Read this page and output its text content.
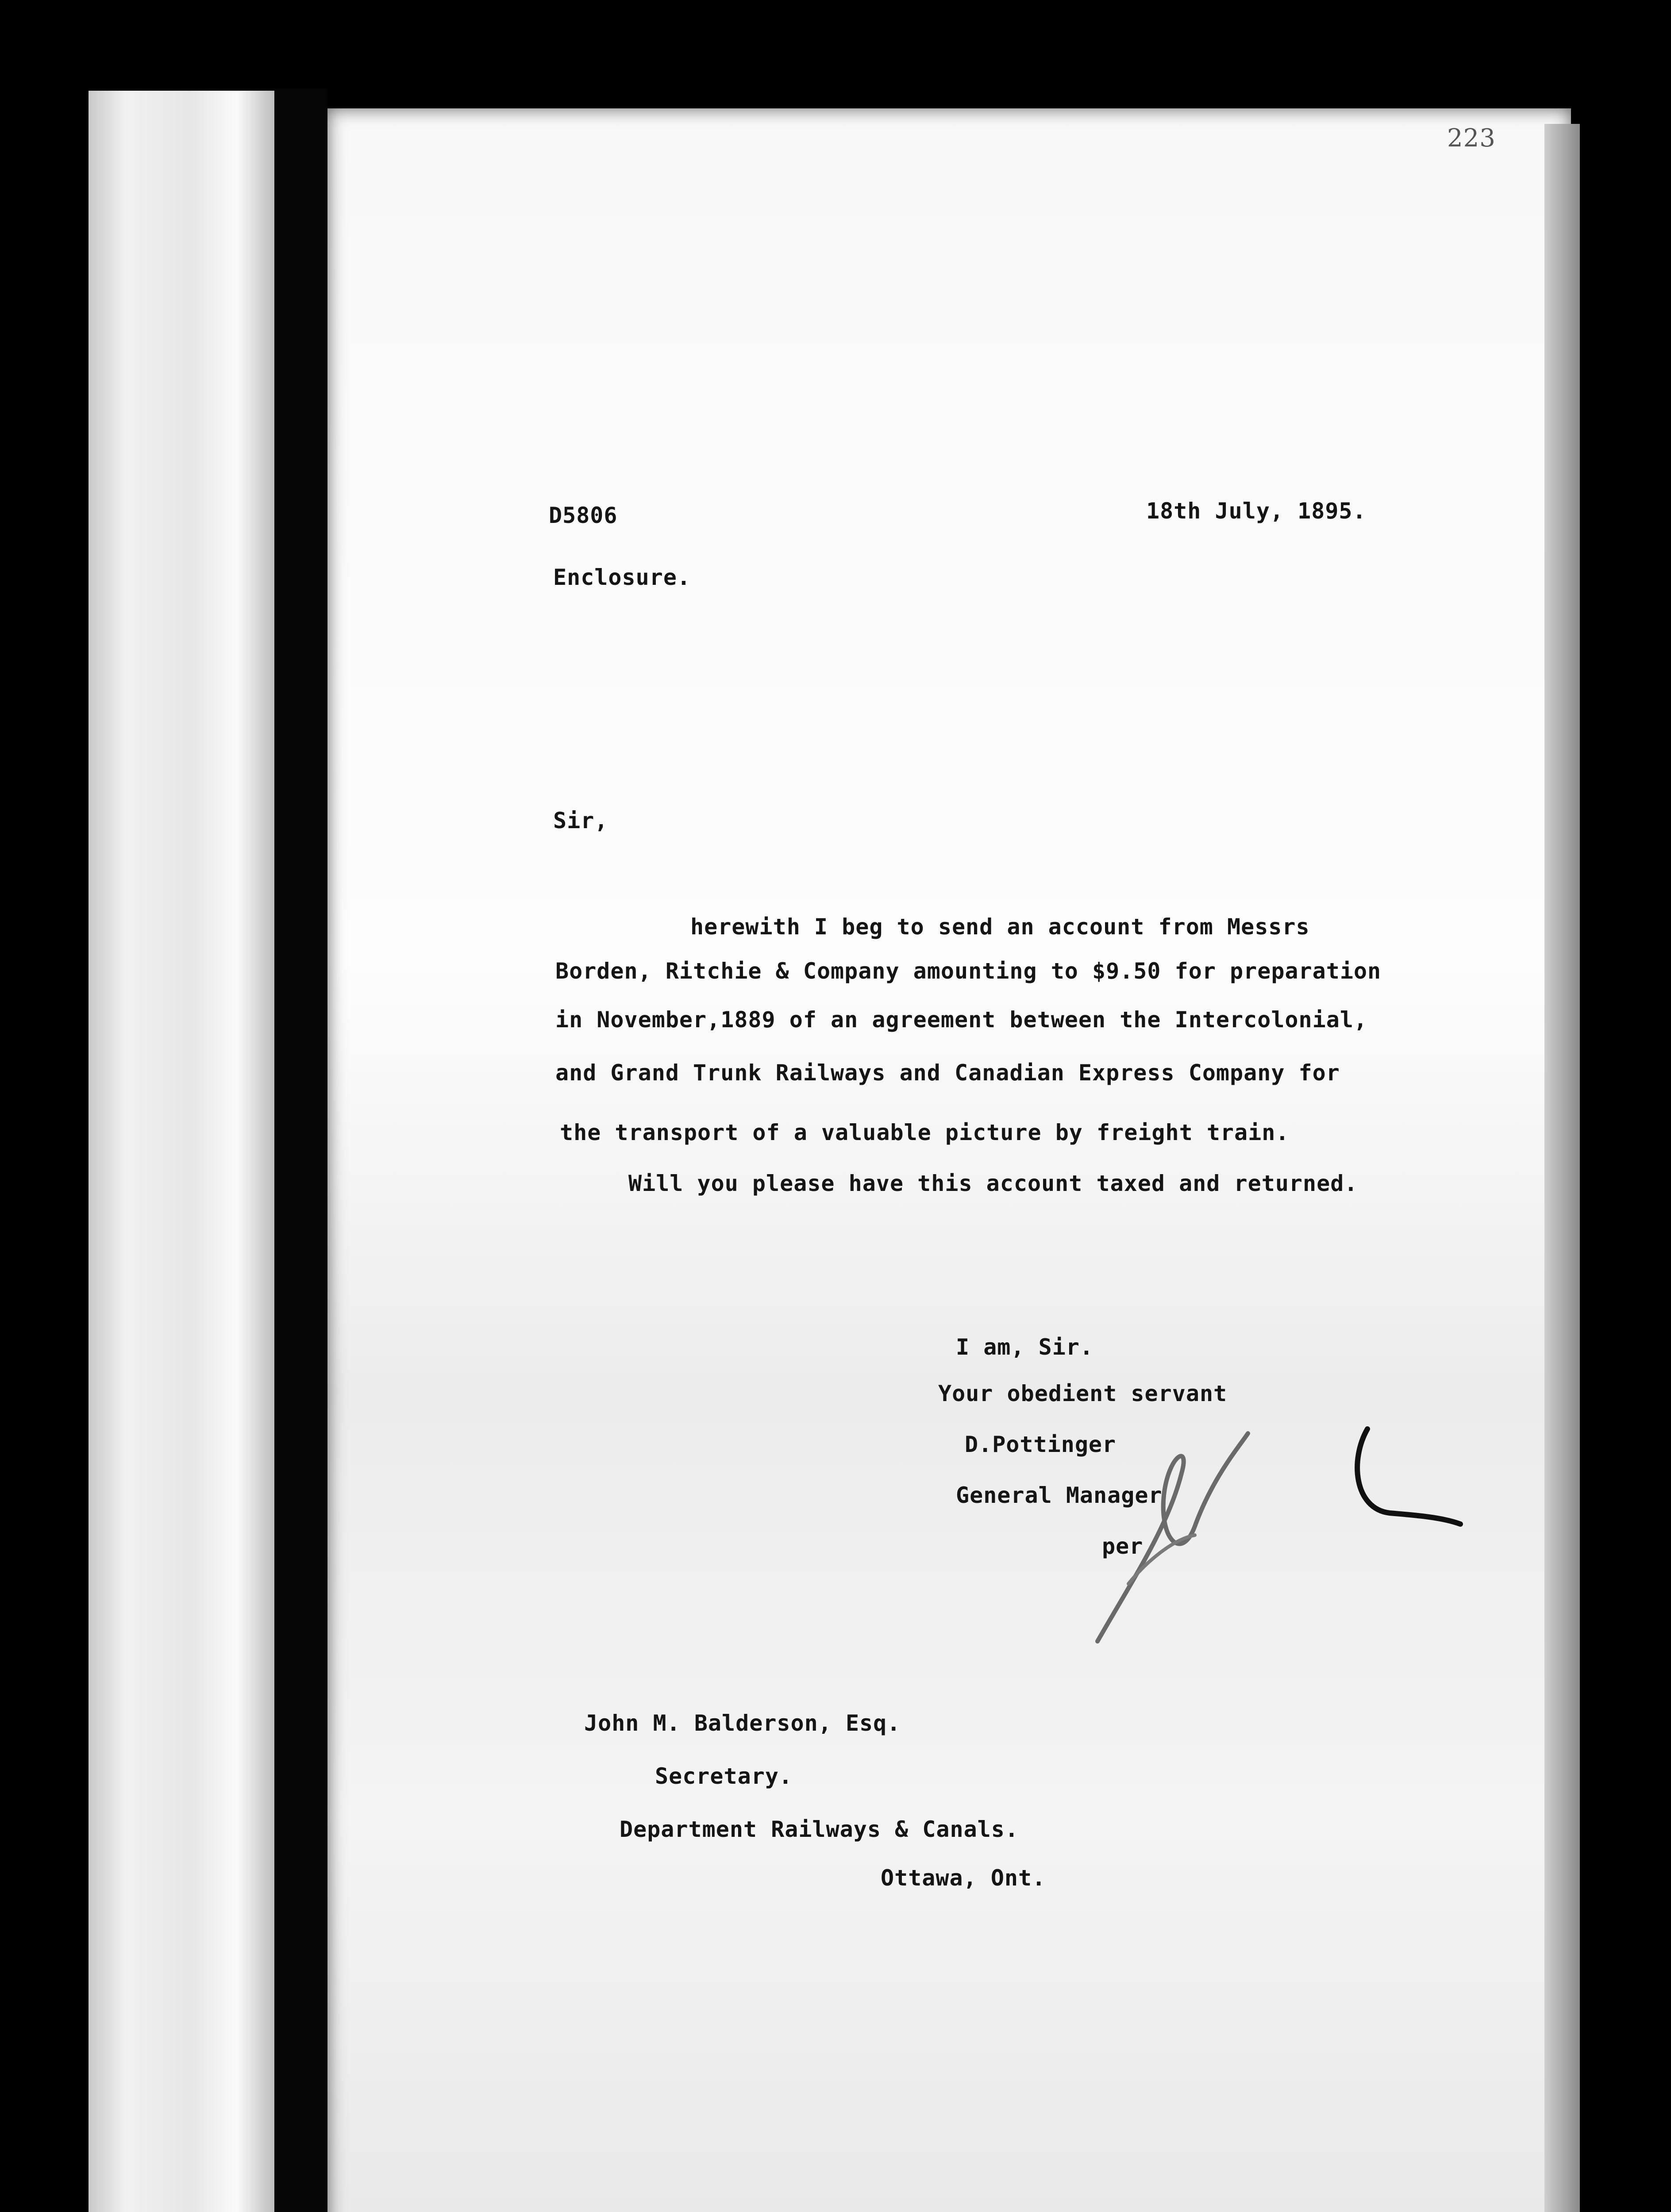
223
D5806	18th July, 1895.
Enclosure.
Sir,
herewith I beg to send an account from Messrs
Borden, Ritchie & Company amounting to $9.50 for preparation
in November,1889 of an agreement between the Intercolonial,
and Grand Trunk Railways and Canadian Express Company for
the transport of a valuable picture by freight train.
Will you please have this account taxed and returned.
I am, Sir.
Your obedient servant
D.Pottinger
General Manager
per
John M. Balderson, Esq.
Secretary.
Department Railways & Canals.
Ottawa, Ont.
